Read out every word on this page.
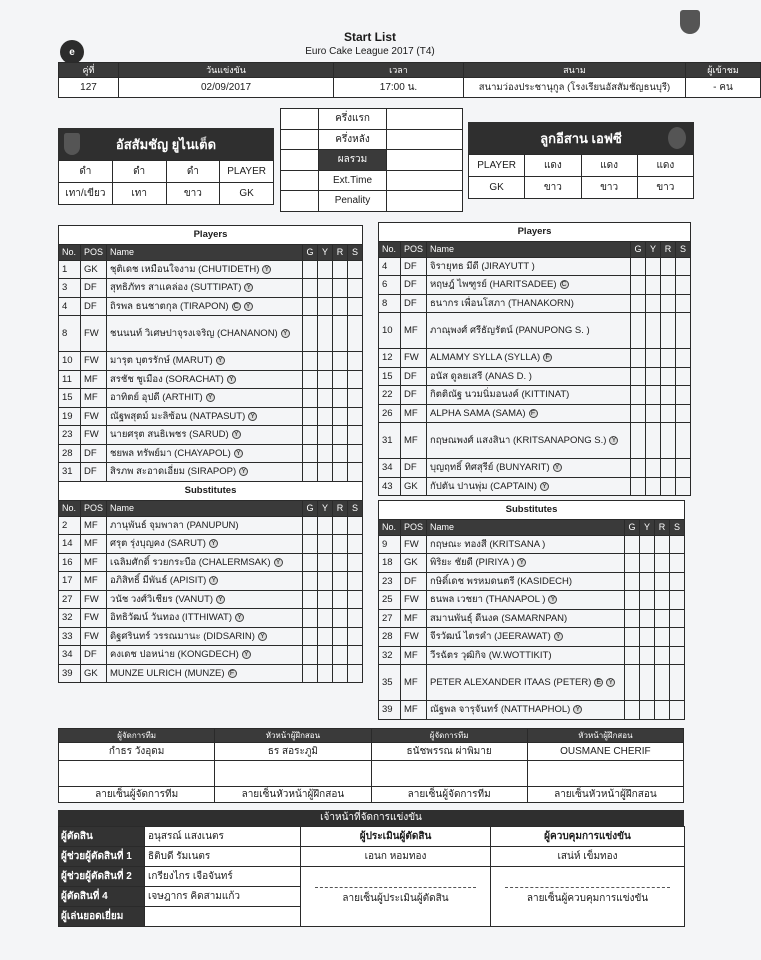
e
Start List
Euro Cake League 2017 (T4)
คู่ที่	วันแข่งขัน	เวลา	สนาม	ผู้เข้าชม
127	02/09/2017	17:00 น.	สนามว่องประชานุกูล (โรงเรียนอัสสัมชัญธนบุรี)	- คน
อัสสัมชัญ ยูไนเต็ด
ดำ	ดำ	ดำ	PLAYER
เทา/เขียว	เทา	ขาว	GK
	ครึ่งแรก	
	ครึ่งหลัง	
	ผลรวม	
	Ext.Time	
	Penality	
ลูกอีสาน เอฟซี
PLAYER	แดง	แดง	แดง
GK	ขาว	ขาว	ขาว
Players						
No.	POS	Name	G	Y	R	S
1	GK	ชุติเดช เหมือนใจงาม (CHUTIDETH) Y				
3	DF	สุทธิภัทร สาแคล่อง (SUTTIPAT) Y				
4	DF	ถิรพล ธนชาตกุล (TIRAPON) C Y				
8	FW	ชนนนท์ วิเศษปาจุรงเจริญ (CHANANON) Y				
10	FW	มารุต บุตรรักษ์ (MARUT) Y				
11	MF	สรชัช ชูเมือง (SORACHAT) Y				
15	MF	อาทิตย์ อุปดี (ARTHIT) Y				
19	FW	ณัฐพสุตม์ มะลิซ้อน (NATPASUT) Y				
23	FW	นายศรุต สนธิเพชร (SARUD) Y				
28	DF	ชยพล ทรัพย์มา (CHAYAPOL) Y				
31	DF	สิรภพ สะอาดเอี่ยม (SIRAPOP) Y				
Substitutes						
No.	POS	Name	G	Y	R	S
2	MF	ภานุพันธ์ จุมพาลา (PANUPUN)				
14	MF	ศรุต รุ่งบุญคง (SARUT) Y				
16	MF	เฉลิมศักดิ์ รวยกระบือ (CHALERMSAK) Y				
17	MF	อภิสิทธิ์ มีพันธ์ (APISIT) Y				
27	FW	วนัช วงศ์วิเชียร (VANUT) Y				
32	FW	อิทธิวัฒน์ วันทอง (ITTHIWAT) Y				
33	FW	ดิฐศรินทร์ วรรณมานะ (DIDSARIN) Y				
34	DF	คงเดช ปอหน่าย (KONGDECH) Y				
39	GK	MUNZE ULRICH (MUNZE) F				
Players						
No.	POS	Name	G	Y	R	S
4	DF	จิรายุทธ มีดี (JIRAYUTT )				
6	DF	หฤษฎ์ ไพฑูรย์ (HARITSADEE) C				
8	DF	ธนากร เพื่อนโสภา (THANAKORN)				
10	MF	ภาณุพงศ์ ศรีธัญรัตน์ (PANUPONG S. )				
12	FW	ALMAMY SYLLA (SYLLA) F				
15	DF	อนัส ดูลยเสรี (ANAS D. )				
22	DF	กิตติณัฐ นวมนิ่มอนงค์ (KITTINAT)				
26	MF	ALPHA SAMA (SAMA) F				
31	MF	กฤษณพงศ์ แสงสินา (KRITSANAPONG S.) Y				
34	DF	บุญฤทธิ์ ทิศสุรีย์ (BUNYARIT) Y				
43	GK	กัปตัน ปานพุ่ม (CAPTAIN) Y				
Substitutes						
No.	POS	Name	G	Y	R	S
9	FW	กฤษณะ ทองสี (KRITSANA )				
18	GK	พิริยะ ชัยดี (PIRIYA ) Y				
23	DF	กษิดิ์เดช พรหมดนตรี (KASIDECH)				
25	FW	ธนพล เวชยา (THANAPOL ) Y				
27	MF	สมานพันธุ์ ดีนงค (SAMARNPAN)				
28	FW	จีรวัฒน์ ไตรคำ (JEERAWAT) Y				
32	MF	วีรฉัตร วุฒิกิจ (W.WOTTIKIT)				
35	MF	PETER ALEXANDER ITAAS (PETER) E Y				
39	MF	ณัฐพล จารุจันทร์ (NATTHAPHOL) Y				
ผู้จัดการทีม	หัวหน้าผู้ฝึกสอน	ผู้จัดการทีม	หัวหน้าผู้ฝึกสอน
กำธร วังอุดม	ธร สอระภูมิ	ธนัชพรรณ ผ่าพิมาย	OUSMANE CHERIF

ลายเซ็นผู้จัดการทีม	ลายเซ็นหัวหน้าผู้ฝึกสอน	ลายเซ็นผู้จัดการทีม	ลายเซ็นหัวหน้าผู้ฝึกสอน
เจ้าหน้าที่จัดการแข่งขัน
ผู้ตัดสิน	อนุสรณ์ แสงเนตร	ผู้ประเมินผู้ตัดสิน	ผู้ควบคุมการแข่งขัน
ผู้ช่วยผู้ตัดสินที่ 1	ธิติบดี รัมเนตร	เอนก หอมทอง	เสน่ห์ เข็มทอง
ผู้ช่วยผู้ตัดสินที่ 2	เกรียงไกร เจือจันทร์	ลายเซ็นผู้ประเมินผู้ตัดสิน	ลายเซ็นผู้ควบคุมการแข่งขัน
ผู้ตัดสินที่ 4	เจษฎากร คิดสามแก้ว		
ผู้เล่นยอดเยี่ยม			
